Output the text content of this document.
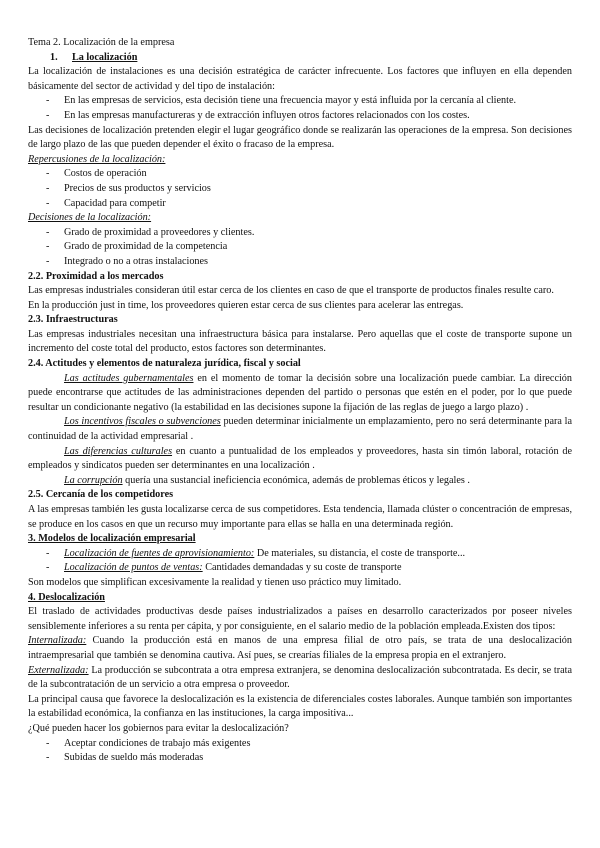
Tema 2. Localización de la empresa

1. La localización

La localización de instalaciones es una decisión estratégica de carácter infrecuente. Los factores que influyen en ella dependen básicamente del sector de actividad y del tipo de instalación:

- En las empresas de servicios, esta decisión tiene una frecuencia mayor y está influida por la cercanía al cliente.
- En las empresas manufactureras y de extracción influyen otros factores relacionados con los costes.

Las decisiones de localización pretenden elegir el lugar geográfico donde se realizarán las operaciones de la empresa. Son decisiones de largo plazo de las que pueden depender el éxito o fracaso de la empresa.

Repercusiones de la localización:

- Costos de operación
- Precios de sus productos y servicios
- Capacidad para competir

Decisiones de la localización:

- Grado de proximidad a proveedores y clientes.
- Grado de proximidad de la competencia
- Integrado o no a otras instalaciones

2.2. Proximidad a los mercados

Las empresas industriales consideran útil estar cerca de los clientes en caso de que el transporte de productos finales resulte caro.

En la producción just in time, los proveedores quieren estar cerca de sus clientes para acelerar las entregas.

2.3. Infraestructuras

Las empresas industriales necesitan una infraestructura básica para instalarse. Pero aquellas que el coste de transporte supone un incremento del coste total del producto, estos factores son determinantes.

2.4. Actitudes y elementos de naturaleza jurídica, fiscal y social

Las actitudes gubernamentales en el momento de tomar la decisión sobre una localización puede cambiar. La dirección puede encontrarse que actitudes de las administraciones dependen del partido o personas que estén en el poder, por lo que puede resultar un condicionante negativo (la estabilidad en las decisiones supone la fijación de las reglas de juego a largo plazo) .

Los incentivos fiscales o subvenciones pueden determinar inicialmente un emplazamiento, pero no será determinante para la continuidad de la actividad empresarial .

Las diferencias culturales en cuanto a puntualidad de los empleados y proveedores, hasta sin timón laboral, rotación de empleados y sindicatos pueden ser determinantes en una localización .

La corrupción quería una sustancial ineficiencia económica, además de problemas éticos y legales .

2.5. Cercanía de los competidores

A las empresas también les gusta localizarse cerca de sus competidores. Esta tendencia, llamada clúster o concentración de empresas, se produce en los casos en que un recurso muy importante para ellas se halla en una determinada región.

3. Modelos de localización empresarial

- Localización de fuentes de aprovisionamiento: De materiales, su distancia, el coste de transporte...
- Localización de puntos de ventas: Cantidades demandadas y su coste de transporte

Son modelos que simplifican excesivamente la realidad y tienen uso práctico muy limitado.

4. Deslocalización

El traslado de actividades productivas desde países industrializados a países en desarrollo caracterizados por poseer niveles sensiblemente inferiores a su renta per cápita, y por consiguiente, en el salario medio de la población empleada.Existen dos tipos:

Internalizada: Cuando la producción está en manos de una empresa filial de otro país, se trata de una deslocalización intraempresarial que también se denomina cautiva. Así pues, se crearías filiales de la empresa propia en el extranjero.

Externalizada: La producción se subcontrata a otra empresa extranjera, se denomina deslocalización subcontratada. Es decir, se trata de la subcontratación de un servicio a otra empresa o proveedor.

La principal causa que favorece la deslocalización es la existencia de diferenciales costes laborales. Aunque también son importantes la estabilidad económica, la confianza en las instituciones, la carga impositiva...

¿Qué pueden hacer los gobiernos para evitar la deslocalización?

- Aceptar condiciones de trabajo más exigentes
- Subidas de sueldo más moderadas
